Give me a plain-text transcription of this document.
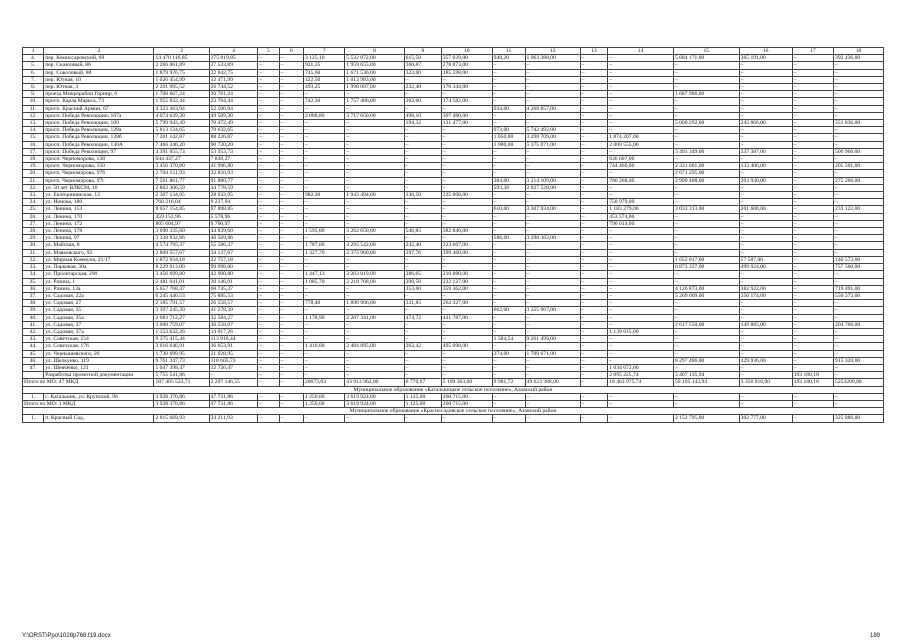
1	2	3	4	5	6	7	8	9	10	11	12	13	14	15	16	17	18
4.	пер. Комиссаровский, 69	14 470 116,85	175 819,85	–	–	3 125,10	5 532 072,00	615,50	357 039,00	948,20	1 963 388,00	–	–	5 684 171,00	365 191,00	–	392 436,00
5.	пер. Сказочный, 86	2 266 061,89	27 533,89	–	–	921,35	1 959 655,00	360,87	278 873,00	–	–	–	–	–	–	–	–
6.	пер. Соколовый, 88	1 879 976,75	22 842,75	–	–	745,60	1 671 536,00	323,00	185 598,00	–	–	–	–	–	–	–	–
7.	пер. Ютная, 10	1 026 454,99	12 471,99	–	–	422,50	1 013 983,00	–	–	–	–	–	–	–	–	–	–
8.	пер. Ютная, 3	2 201 095,52	26 744,52	–	–	493,25	1 998 007,00	232,40	176 344,00	–	–	–	–	–	–	–	–
9.	проезд Микрорайон Горнир, 6	1 708 667,24	20 761,24	–	–	–	–	–	–	–	–	–	–	1 687 906,00	–	–	–
10.	просп. Карла Маркса, 73	1 955 832,44	23 764,44	–	–	742,30	1 757 486,00	302,60	174 582,00	–	–	–	–	–	–	–	–
11.	просп. Красной Армии, 67	4 323 363,94	52 506,94	–	–	–	–	–	–	934,00	4 268 857,00	–	–	–	–	–	–
12.	просп. Победа Революции, 107а	4 074 639,30	49 509,30	–	–	2 088,80	3 717 650,00	498,10	307 480,00	–	–	–	–	–	–	–	–
13.	просп. Победа Революции, 109	5 799 943,49	70 472,49	–	–	–	–	194,32	131 477,00	–	–	–	–	5 000 292,00	245 866,00	–	351 836,00
14.	просп. Победа Революции, 128а	5 813 124,65	70 632,65	–	–	–	–	–	–	973,00	5 742 492,00	–	–	–	–	–	–
15.	просп. Победа Революции, 128б	7 261 142,87	88 226,87	–	–	–	–	–	–	1 050,00	3 298 709,00	–	1 874 207,00	–	–	–	–
16.	просп. Победа Революции, 130А	7 466 346,20	90 720,20	–	–	–	–	–	–	1 080,00	5 375 071,00	–	2 000 555,00	–	–	–	–
17.	просп. Победа Революции, 97	4 391 055,73	53 353,73	–	–	–	–	–	–	–	–	–	–	3 493 349,00	337 387,00	–	506 966,00
18.	просп. Черноморова, 138	644 437,27	7 830,27	–	–	–	–	–	–	–	–	–	636 607,00	–	–	–	–
19.	просп. Черноморова, 150	3 456 370,80	41 996,80	–	–	–	–	–	–	–	–	–	744 466,00	2 331 001,00	133 406,00	–	205 501,00
20.	просп. Черноморова, 97б	2 704 151,93	32 856,93	–	–	–	–	–	–	–	–	–	–	2 671 295,00	–	–	–
21.	просп. Черноморова, 97г	7 561 861,77	91 880,77	–	–	–	–	–	–	384,00	3 214 109,00	–	786 268,00	2 990 408,00	203 930,00	–	275 266,00
22.	ул. 50 лет ВЛКСМ, 16	2 862 306,59	34 778,59	–	–	–	–	–	–	593,38	2 827 528,00	–	–	–	–	–	–
23.	ул. Екатерининская, 12	2 307 134,95	28 032,95	–	–	982,30	1 943 494,00	336,50	335 608,00	–	–	–	–	–	–	–	–
24.	ул. Ионова, 180	760 216,04	9 237,04	–	–	–	–	–	–	–	–	–	750 979,00	–	–	–	–
25.	ул. Ленина, 153	8 057 154,85	97 898,85	–	–	–	–	–	–	610,00	3 307 934,00	–	1 183 279,00	3 033 313,00	201 608,00	–	233 122,00
26.	ул. Ленина, 170	459 152,96	5 578,96	–	–	–	–	–	–	–	–	–	453 574,00	–	–	–	–
27.	ул. Ленина, 172	805 604,97	9 790,97	–	–	–	–	–	–	–	–	–	796 014,00	–	–	–	–
28.	ул. Ленина, 178	3 690 335,60	44 839,60	–	–	1 595,00	3 262 650,00	546,85	382 846,00	–	–	–	–	–	–	–	–
29.	ул. Ленина, 97	3 338 932,86	40 569,86	–	–	–	–	–	–	588,60	3 298 363,00	–	–	–	–	–	–
30.	ул. Майская, 8	4 574 795,37	55 586,37	–	–	1 787,00	4 295 542,00	242,40	223 667,00	–	–	–	–	–	–	–	–
31.	ул. Маяковского, 92	2 809 557,67	34 137,67	–	–	1 327,70	2 375 960,00	397,76	399 460,00	–	–	–	–	–	–	–	–
32.	ул. Мирная Коммуна, 21/17	1 872 934,18	22 757,18	–	–	–	–	–	–	–	–	–	–	1 652 017,00	57 587,00	–	140 573,00
33.	ул. Парковая, 30а	8 229 913,00	99 998,00	–	–	–	–	–	–	–	–	–	–	6 873 337,00	499 024,00	–	757 560,00
34.	ул. Пролетарская, 290	3 456 699,80	42 000,80	–	–	1 447,13	3 203 819,00	286,65	210 880,00	–	–	–	–	–	–	–	–
35.	ул. Разина, 1	2 481 041,01	30 146,01	–	–	1 085,70	2 218 768,00	398,50	232 127,00	–	–	–	–	–	–	–	–
36.	ул. Разина, 13а	5 657 768,37	68 745,37	–	–	–	–	353,60	359 362,00	–	–	–	–	4 126 873,00	382 922,00	–	719 491,00
37.	ул. Садовая, 22а	6 245 440,53	75 885,53	–	–	–	–	–	–	–	–	–	–	5 269 009,00	350 174,00	–	550 372,00
38.	ул. Садовая, 27	2 185 791,57	26 558,57	–	–	778,40	1 896 906,00	331,85	262 327,00	–	–	–	–	–	–	–	–
39.	ул. Садовая, 35	3 397 245,39	41 278,39	–	–	–	–	–	–	662,00	3 355 967,00	–	–	–	–	–	–
40.	ул. Садовая, 35а	2 683 712,27	32 584,27	–	–	1 178,90	2 207 341,00	474,72	441 787,00	–	–	–	–	–	–	–	–
41.	ул. Садовая, 37	3 008 759,07	36 558,07	–	–	–	–	–	–	–	–	–	–	2 617 550,00	149 885,00	–	204 766,00
42.	ул. Садовая, 37а	1 153 632,26	14 017,26	–	–	–	–	–	–	–	–	–	1 139 615,00	–	–	–	–
43.	ул. Советская, 154	9 375 415,44	113 916,44	–	–	–	–	–	–	1 584,54	9 261 499,00	–	–	–	–	–	–
44.	ул. Советская, 176	3 016 646,91	36 653,91	–	–	1 410,00	2 484 895,00	263,42	495 098,00	–	–	–	–	–	–	–	–
45.	ул. Чернышевского, 26	1 730 699,95	21 028,95	–	–	–	–	–	–	374,00	1 709 671,00	–	–	–	–	–	–
46.	ул. Щелкунко, 119	9 761 347,73	118 605,73	–	–	–	–	–	–	–	–	–	–	8 297 486,00	429 936,00	–	915 320,00
47.	ул. Шевченко, 121	1 047 398,47	12 726,47	–	–	–	–	–	–	–	–	–	1 034 672,00	–	–	–	–
	Разработка проектной документации	5 755 541,86	–	–	–	–	–	–	–	–	–	–	2 095 225,74	3 467 135,94	–	193 180,18	–
Итого по МО: 47 МКД		187 405 523,71	2 207 146,55	–	–	20673,03	43 913 962,00	6 770,97	5 199 303,00	9 981,72	49 623 388,00	–	18 463 975,74	59 195 142,94	3 356 916,00	193 180,18	5253200,00
Муниципальное образование «Кагальницкое сельское поселение», Азовский район																	
1.	с. Кагальник, ул. Крупской, 96	3 928 370,86	47 731,86	–	–	1 250,00	3 619 924,00	1 125,00	260 715,00	–	–	–	–	–	–	–	–
Итого по МО: 1 МКД		3 928 370,86	47 731,86	–	–	1 250,00	3 619 924,00	1 125,00	260 715,00	–	–	–	–	–	–	–	–
Муниципальное образование «Красносадовское сельское поселение», Азовский район																	
1.	п. Красный Сад,	2 815 669,93	34 211,93	–	–	–	–	–	–	–	–	–	–	2 152 795,00	302 777,00	–	325 886,00
Y:\ORST\Ppo\1028p768.f19.docx	189
